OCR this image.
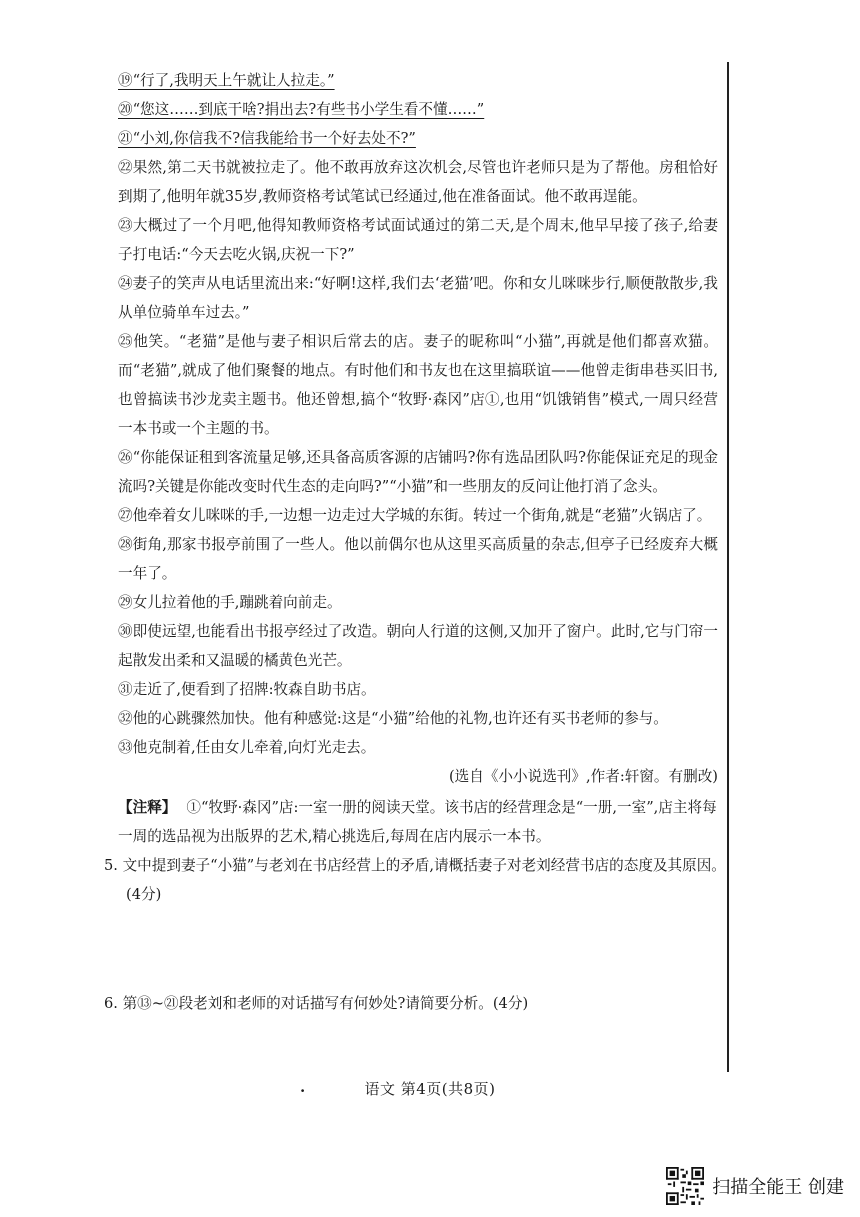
⑲“行了,我明天上午就让人拉走。”

⑳“您这……到底干啥?捐出去?有些书小学生看不懂……”

㉑“小刘,你信我不?信我能给书一个好去处不?”

㉒果然,第二天书就被拉走了。他不敢再放弃这次机会,尽管也许老师只是为了帮他。房租恰好到期了,他明年就35岁,教师资格考试笔试已经通过,他在准备面试。他不敢再逞能。

㉓大概过了一个月吧,他得知教师资格考试面试通过的第二天,是个周末,他早早接了孩子,给妻子打电话:“今天去吃火锅,庆祝一下?”

㉔妻子的笑声从电话里流出来:“好啊!这样,我们去‘老猫’吧。你和女儿咪咪步行,顺便散散步,我从单位骑单车过去。”

㉕他笑。“老猫”是他与妻子相识后常去的店。妻子的昵称叫“小猫”,再就是他们都喜欢猫。而“老猫”,就成了他们聚餐的地点。有时他们和书友也在这里搞联谊——他曾走街串巷买旧书,也曾搞读书沙龙卖主题书。他还曾想,搞个“牧野·森冈”店①,也用“饥饿销售”模式,一周只经营一本书或一个主题的书。

㉖“你能保证租到客流量足够,还具备高质客源的店铺吗?你有选品团队吗?你能保证充足的现金流吗?关键是你能改变时代生态的走向吗?”“小猫”和一些朋友的反问让他打消了念头。

㉗他牵着女儿咪咪的手,一边想一边走过大学城的东街。转过一个街角,就是“老猫”火锅店了。

㉘街角,那家书报亭前围了一些人。他以前偶尔也从这里买高质量的杂志,但亭子已经废弃大概一年了。

㉙女儿拉着他的手,蹦跳着向前走。

㉚即使远望,也能看出书报亭经过了改造。朝向人行道的这侧,又加开了窗户。此时,它与门帘一起散发出柔和又温暖的橘黄色光芒。

㉛走近了,便看到了招牌:牧森自助书店。

㉜他的心跳骤然加快。他有种感觉:这是“小猫”给他的礼物,也许还有买书老师的参与。

㉝他克制着,任由女儿牵着,向灯光走去。

(选自《小小说选刊》,作者:轩窗。有删改)

【注释】 ①“牧野·森冈”店:一室一册的阅读天堂。该书店的经营理念是“一册,一室”,店主将每一周的选品视为出版界的艺术,精心挑选后,每周在店内展示一本书。

5. 文中提到妻子“小猫”与老刘在书店经营上的矛盾,请概括妻子对老刘经营书店的态度及其原因。(4分)

6. 第⑬~㉑段老刘和老师的对话描写有何妙处?请简要分析。(4分)

·	语文 第4页(共8页)
扫描全能王 创建
